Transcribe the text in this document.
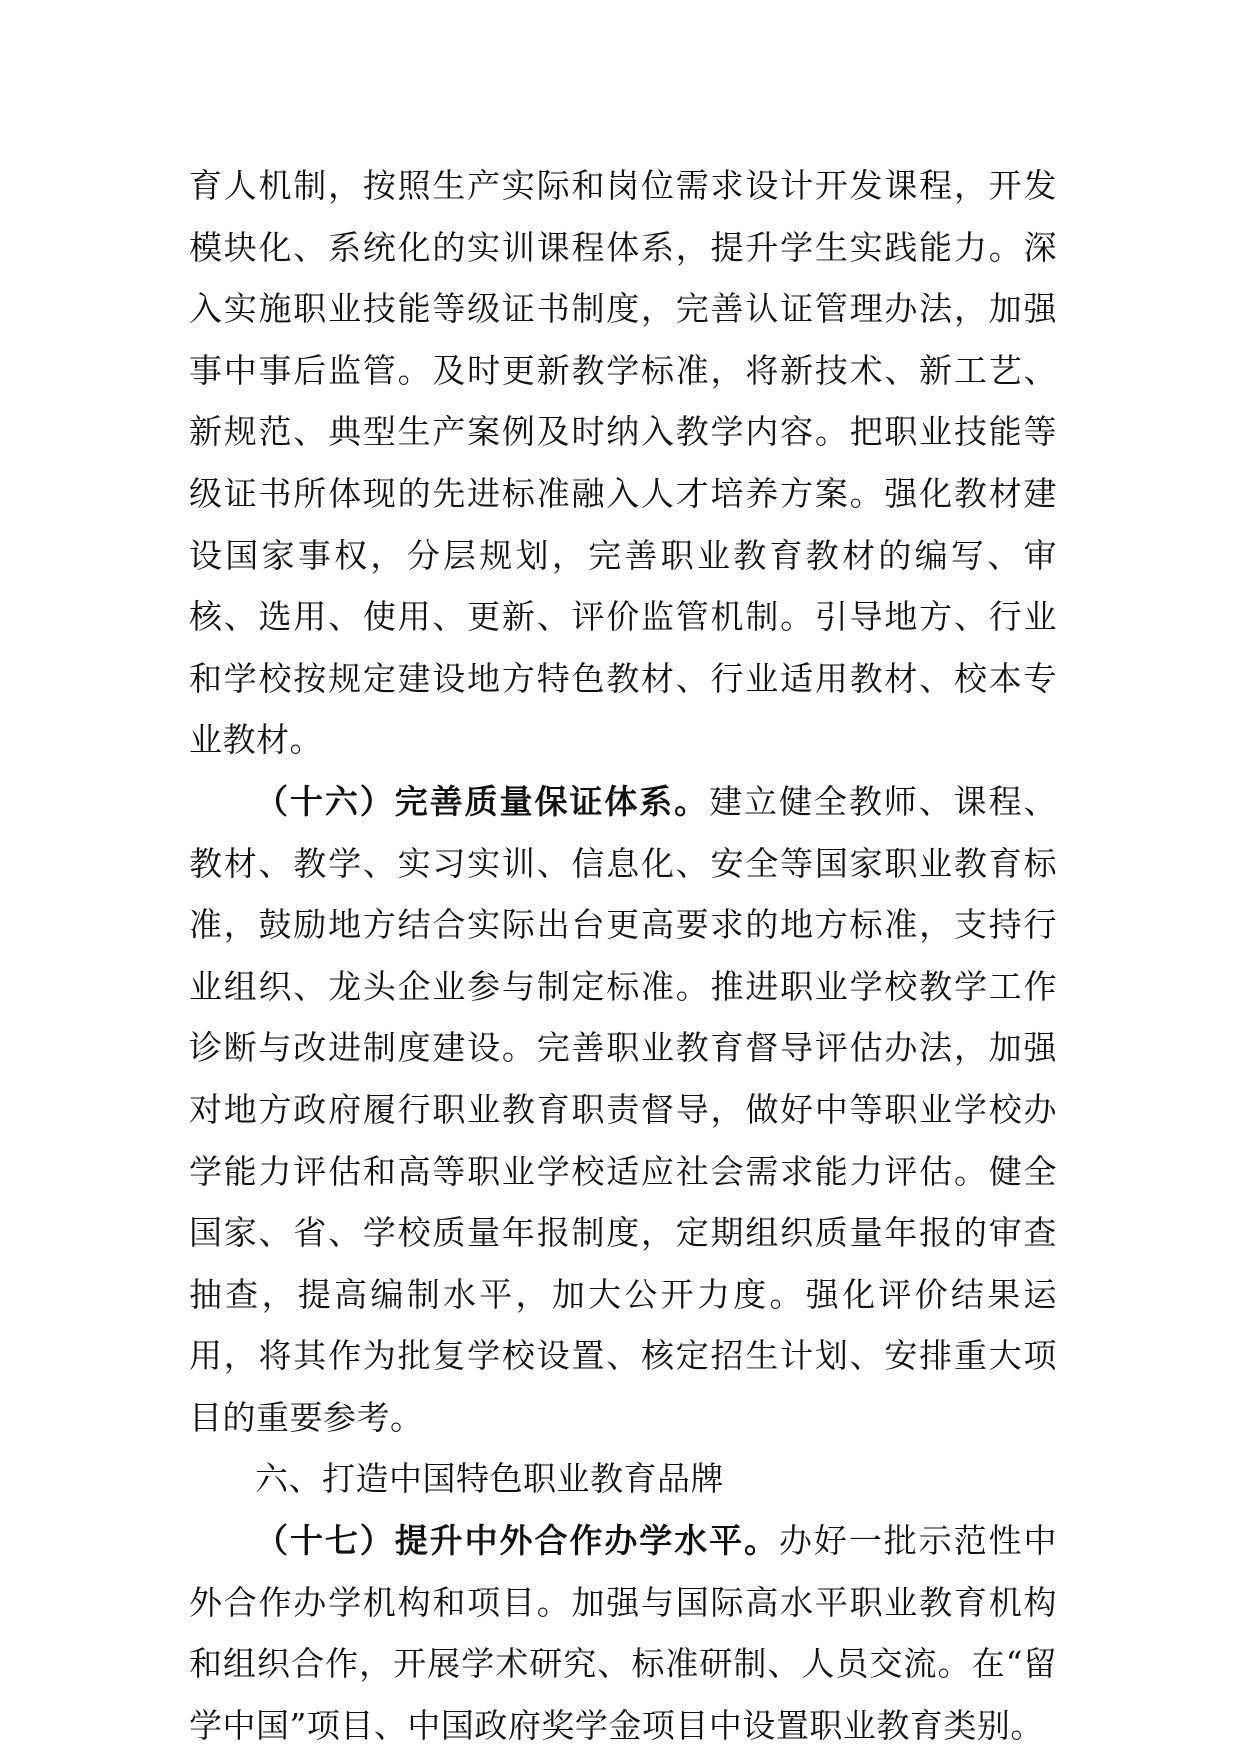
育人机制，按照生产实际和岗位需求设计开发课程，开发模块化、系统化的实训课程体系，提升学生实践能力。深入实施职业技能等级证书制度，完善认证管理办法，加强事中事后监管。及时更新教学标准，将新技术、新工艺、新规范、典型生产案例及时纳入教学内容。把职业技能等级证书所体现的先进标准融入人才培养方案。强化教材建设国家事权，分层规划，完善职业教育教材的编写、审核、选用、使用、更新、评价监管机制。引导地方、行业和学校按规定建设地方特色教材、行业适用教材、校本专业教材。

（十六）完善质量保证体系。建立健全教师、课程、教材、教学、实习实训、信息化、安全等国家职业教育标准，鼓励地方结合实际出台更高要求的地方标准，支持行业组织、龙头企业参与制定标准。推进职业学校教学工作诊断与改进制度建设。完善职业教育督导评估办法，加强对地方政府履行职业教育职责督导，做好中等职业学校办学能力评估和高等职业学校适应社会需求能力评估。健全国家、省、学校质量年报制度，定期组织质量年报的审查抽查，提高编制水平，加大公开力度。强化评价结果运用，将其作为批复学校设置、核定招生计划、安排重大项目的重要参考。

六、打造中国特色职业教育品牌

（十七）提升中外合作办学水平。办好一批示范性中外合作办学机构和项目。加强与国际高水平职业教育机构和组织合作，开展学术研究、标准研制、人员交流。在“留学中国”项目、中国政府奖学金项目中设置职业教育类别。
